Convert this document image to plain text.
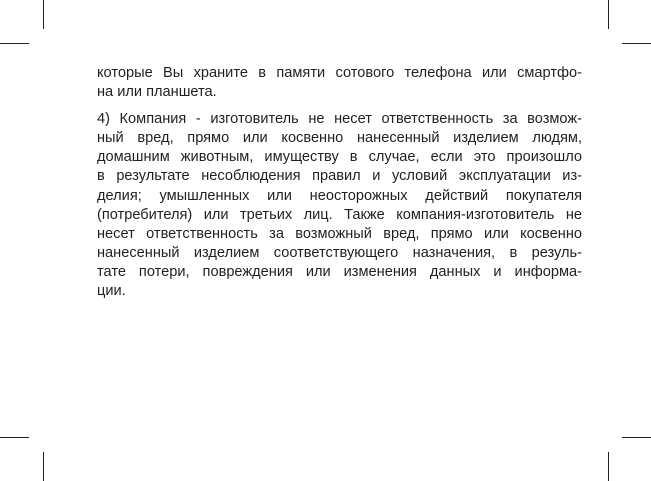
которые Вы храните в памяти сотового телефона или смартфо-
на или планшета.
4) Компания - изготовитель не несет ответственность за возмож-
ный вред, прямо или косвенно нанесенный изделием людям,
домашним животным, имуществу в случае, если это произошло
в результате несоблюдения правил и условий эксплуатации из-
делия; умышленных или неосторожных действий покупателя
(потребителя) или третьих лиц. Также компания-изготовитель не
несет ответственность за возможный вред, прямо или косвенно
нанесенный изделием соответствующего назначения, в резуль-
тате потери, повреждения или изменения данных и информа-
ции.
